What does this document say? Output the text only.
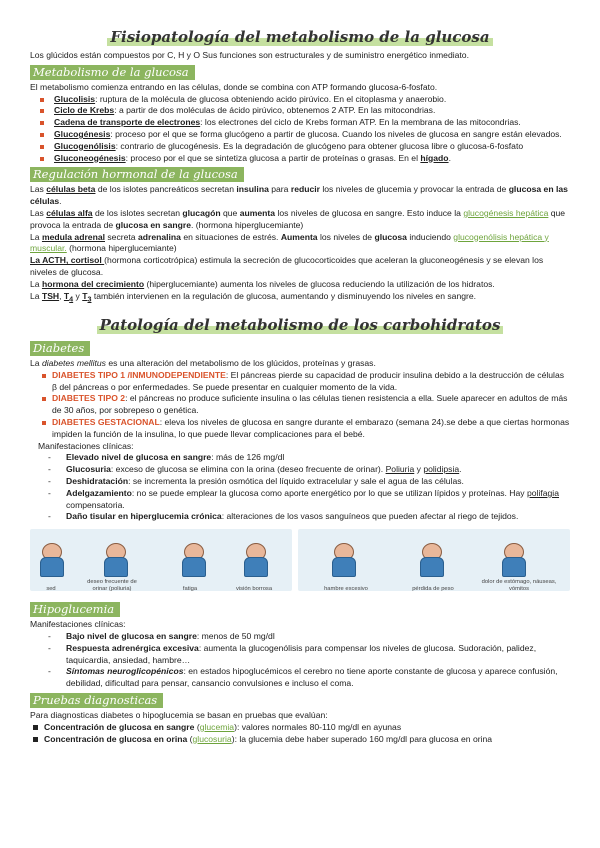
Fisiopatología del metabolismo de la glucosa

Los glúcidos están compuestos por C, H y O Sus funciones son estructurales y de suministro energético inmediato.

Metabolismo de la glucosa

El metabolismo comienza entrando en las células, donde se combina con ATP formando glucosa-6-fosfato.

Glucolisis: ruptura de la molécula de glucosa obteniendo acido pirúvico. En el citoplasma y anaerobio.
Ciclo de Krebs: a partir de dos moléculas de ácido pirúvico, obtenemos 2 ATP. En las mitocondrias.
Cadena de transporte de electrones: los electrones del ciclo de Krebs forman ATP. En la membrana de las mitocondrias.
Glucogénesis: proceso por el que se forma glucógeno a partir de glucosa. Cuando los niveles de glucosa en sangre están elevados.
Glucogenólisis: contrario de glucogénesis. Es la degradación de glucógeno para obtener glucosa libre o glucosa-6-fosfato
Gluconeogénesis: proceso por el que se sintetiza glucosa a partir de proteínas o grasas. En el hígado.
Regulación hormonal de la glucosa

Las células beta de los islotes pancreáticos secretan insulina para reducir los niveles de glucemia y provocar la entrada de glucosa en las células.

Las células alfa de los islotes secretan glucagón que aumenta los niveles de glucosa en sangre. Esto induce la glucogénesis hepática que provoca la entrada de glucosa en sangre. (hormona hiperglucemiante)

La medula adrenal secreta adrenalina en situaciones de estrés. Aumenta los niveles de glucosa induciendo glucogenólisis hepática y muscular. (hormona hiperglucemiante)

La ACTH, cortisol (hormona corticotrópica) estimula la secreción de glucocorticoides que aceleran la gluconeogénesis y se elevan los niveles de glucosa.

La hormona del crecimiento (hiperglucemiante) aumenta los niveles de glucosa reduciendo la utilización de los hidratos.

La TSH, $T_4$ y $T_3$ también intervienen en la regulación de glucosa, aumentando y disminuyendo los niveles en sangre.

Patología del metabolismo de los carbohidratos
Diabetes

La diabetes mellitus es una alteración del metabolismo de los glúcidos, proteínas y grasas.

DIABETES TIPO 1 /INMUNODEPENDIENTE: El páncreas pierde su capacidad de producir insulina debido a la destrucción de células β del páncreas o por enfermedades. Se puede presentar en cualquier momento de la vida.
DIABETES TIPO 2: el páncreas no produce suficiente insulina o las células tienen resistencia a ella. Suele aparecer en adultos de más de 30 años, por sobrepeso o genética.
DIABETES GESTACIONAL: eleva los niveles de glucosa en sangre durante el embarazo (semana 24).se debe a que ciertas hormonas impiden la función de la insulina, lo que puede llevar complicaciones para el bebé.

Manifestaciones clínicas:

- Elevado nivel de glucosa en sangre: más de 126 mg/dl
- Glucosuria: exceso de glucosa se elimina con la orina (deseo frecuente de orinar). Poliuria y polidipsia.
- Deshidratación: se incrementa la presión osmótica del líquido extracelular y sale el agua de las células.
- Adelgazamiento: no se puede emplear la glucosa como aporte energético por lo que se utilizan lípidos y proteínas. Hay polifagia compensatoria.
- Daño tisular en hiperglucemia crónica: alteraciones de los vasos sanguíneos que pueden afectar al riego de tejidos.
sed
deseo frecuente de orinar (poliuria)	fatiga	visión borrosa	hambre excesivo	pérdida de peso
dolor de estómago, náuseas, vómitos
Hipoglucemia

Manifestaciones clínicas:

- Bajo nivel de glucosa en sangre: menos de 50 mg/dl
- Respuesta adrenérgica excesiva: aumenta la glucogenólisis para compensar los niveles de glucosa. Sudoración, palidez, taquicardia, ansiedad, hambre…
- Síntomas neuroglicopénicos: en estados hipoglucémicos el cerebro no tiene aporte constante de glucosa y aparece confusión, debilidad, dificultad para pensar, cansancio convulsiones e incluso el coma.
Pruebas diagnosticas

Para diagnosticas diabetes o hipoglucemia se basan en pruebas que evalúan:

Concentración de glucosa en sangre (glucemia): valores normales 80-110 mg/dl en ayunas
Concentración de glucosa en orina (glucosuria): la glucemia debe haber superado 160 mg/dl para glucosa en orina
